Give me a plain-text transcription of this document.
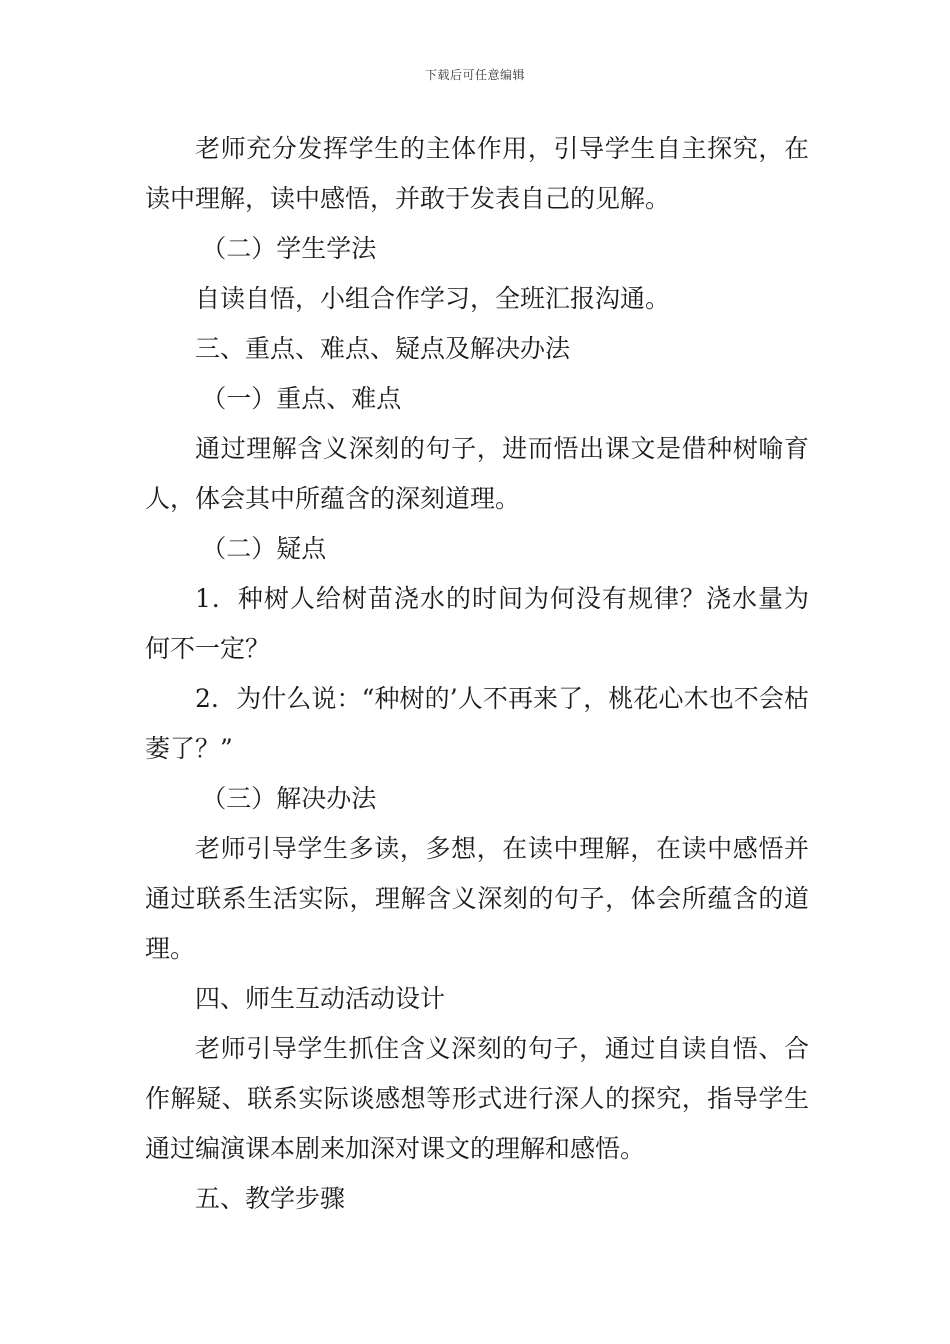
下载后可任意编辑

老师充分发挥学生的主体作用，引导学生自主探究，在读中理解，读中感悟，并敢于发表自己的见解。

（二）学生学法

自读自悟，小组合作学习，全班汇报沟通。

三、重点、难点、疑点及解决办法

（一）重点、难点

通过理解含义深刻的句子，进而悟出课文是借种树喻育人，体会其中所蕴含的深刻道理。

（二）疑点

1．种树人给树苗浇水的时间为何没有规律？浇水量为何不一定？

2．为什么说：“种树的’人不再来了，桃花心木也不会枯萎了？”

（三）解决办法

老师引导学生多读，多想，在读中理解，在读中感悟并通过联系生活实际，理解含义深刻的句子，体会所蕴含的道理。

四、师生互动活动设计

老师引导学生抓住含义深刻的句子，通过自读自悟、合作解疑、联系实际谈感想等形式进行深人的探究，指导学生通过编演课本剧来加深对课文的理解和感悟。

五、教学步骤
